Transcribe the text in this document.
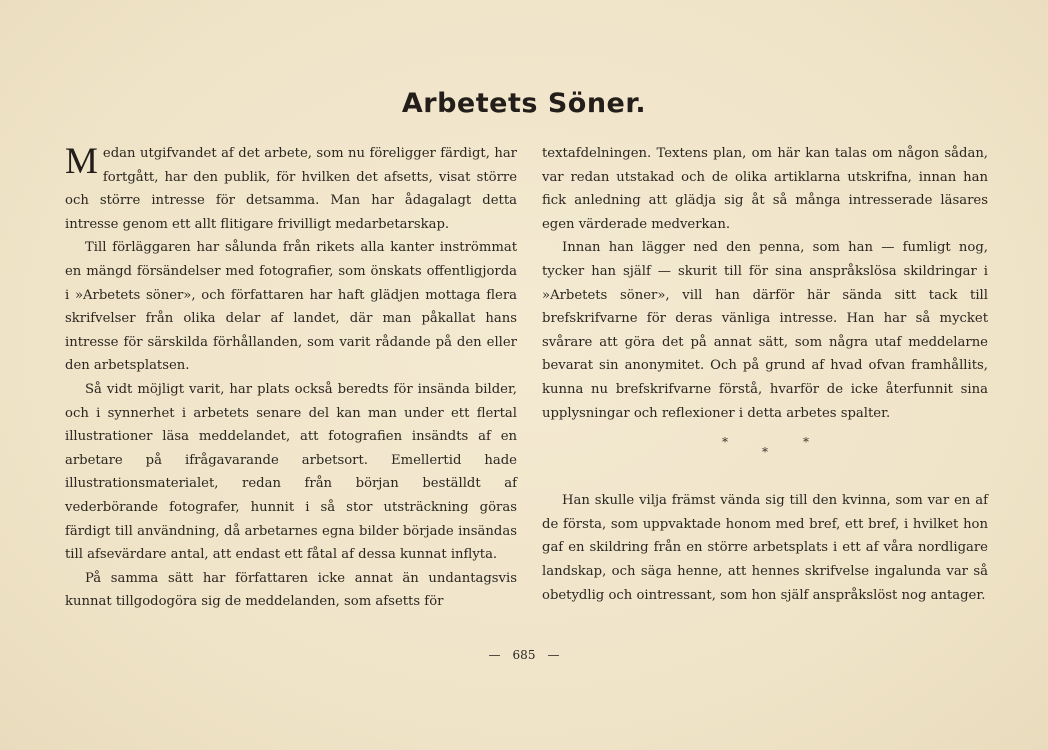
Arbetets Söner.

Medan utgifvandet af det arbete, som nu föreligger färdigt, har fortgått, har den publik, för hvilken det afsetts, visat större och större intresse för detsamma. Man har ådagalagt detta intresse genom ett allt flitigare frivilligt medarbetarskap.

Till förläggaren har sålunda från rikets alla kanter inströmmat en mängd försändelser med fotografier, som önskats offentligjorda i »Arbetets söner», och författaren har haft glädjen mottaga flera skrifvelser från olika delar af landet, där man påkallat hans intresse för särskilda förhållanden, som varit rådande på den eller den arbetsplatsen.

Så vidt möjligt varit, har plats också beredts för insända bilder, och i synnerhet i arbetets senare del kan man under ett flertal illustrationer läsa meddelandet, att fotografien insändts af en arbetare på ifrågavarande arbetsort. Emellertid hade illustrationsmaterialet, redan från början beställdt af vederbörande fotografer, hunnit i så stor utsträckning göras färdigt till användning, då arbetarnes egna bilder började insändas till afsevärdare antal, att endast ett fåtal af dessa kunnat inflyta.

På samma sätt har författaren icke annat än undantagsvis kunnat tillgodogöra sig de meddelanden, som afsetts för

textafdelningen. Textens plan, om här kan talas om någon sådan, var redan utstakad och de olika artiklarna utskrifna, innan han fick anledning att glädja sig åt så många intresserade läsares egen värderade medverkan.

Innan han lägger ned den penna, som han — fumligt nog, tycker han själf — skurit till för sina anspråkslösa skildringar i »Arbetets söner», vill han därför här sända sitt tack till brefskrifvarne för deras vänliga intresse. Han har så mycket svårare att göra det på annat sätt, som några utaf meddelarne bevarat sin anonymitet. Och på grund af hvad ofvan framhållits, kunna nu brefskrifvarne förstå, hvarför de icke återfunnit sina upplysningar och reflexioner i detta arbetes spalter.

*
*
*

Han skulle vilja främst vända sig till den kvinna, som var en af de första, som uppvaktade honom med bref, ett bref, i hvilket hon gaf en skildring från en större arbetsplats i ett af våra nordligare landskap, och säga henne, att hennes skrifvelse ingalunda var så obetydlig och ointressant, som hon själf anspråkslöst nog antager.

— 685 —
